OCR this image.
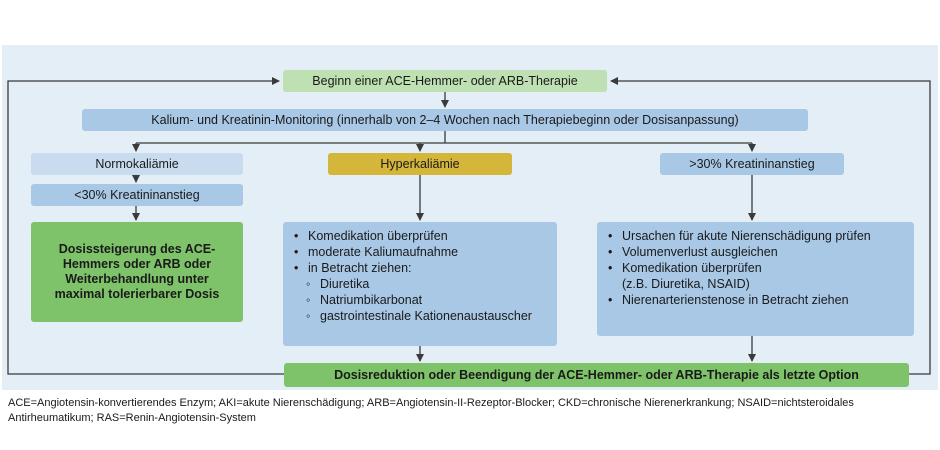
Beginn einer ACE-Hemmer- oder ARB-Therapie
Kalium- und Kreatinin-Monitoring (innerhalb von 2–4 Wochen nach Therapiebeginn oder Dosisanpassung)
Normokaliämie	Hyperkaliämie	>30% Kreatininanstieg
<30% Kreatininanstieg
Dosissteigerung des ACE-Hemmers oder ARB oder Weiterbehandlung unter maximal tolerierbarer Dosis
• Komedikation überprüfen
• moderate Kaliumaufnahme
• in Betracht ziehen:
◦ Diuretika
◦ Natriumbikarbonat
◦ gastrointestinale Kationenaustauscher
• Ursachen für akute Nierenschädigung prüfen
• Volumenverlust ausgleichen
• Komedikation überprüfen
(z.B. Diuretika, NSAID)
• Nierenarterienstenose in Betracht ziehen
Dosisreduktion oder Beendigung der ACE-Hemmer- oder ARB-Therapie als letzte Option
ACE=Angiotensin-konvertierendes Enzym; AKI=akute Nierenschädigung; ARB=Angiotensin-II-Rezeptor-Blocker; CKD=chronische Nierenerkrankung; NSAID=nichtsteroidales Antirheumatikum; RAS=Renin-Angiotensin-System
